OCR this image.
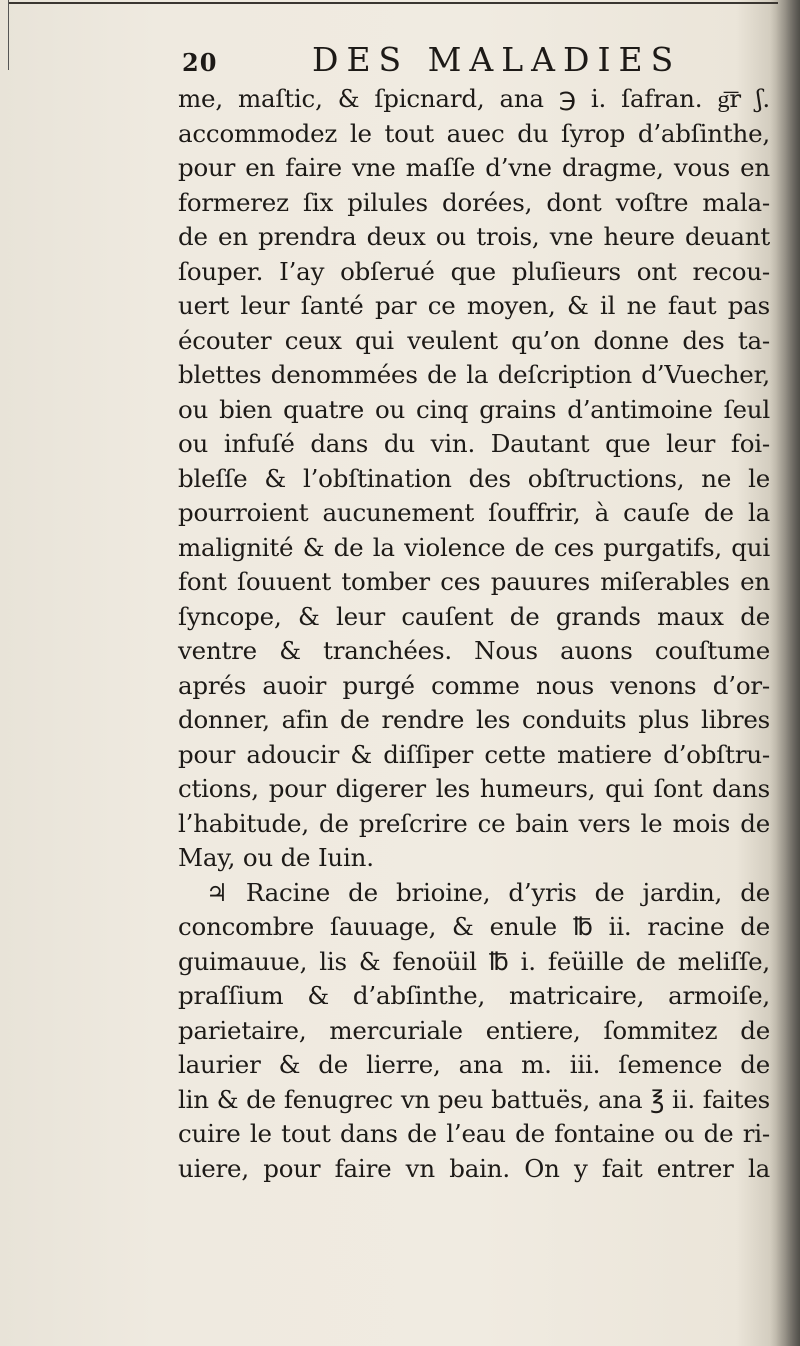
20	DES MALADIES
me, maſtic, & ſpicnard, ana ℈ i. ſafran. g͞r ʃ.
accommodez le tout auec du ſyrop d’abſinthe,
pour en faire vne maſſe d’vne dragme, vous en
formerez ſix pilules dorées, dont voſtre mala-
de en prendra deux ou trois, vne heure deuant
ſouper. I’ay obſerué que pluſieurs ont recou-
uert leur ſanté par ce moyen, & il ne faut pas
écouter ceux qui veulent qu’on donne des ta-
blettes denommées de la deſcription d’Vuecher,
ou bien quatre ou cinq grains d’antimoine ſeul
ou infuſé dans du vin. Dautant que leur foi-
bleſſe & l’obſtination des obſtructions, ne le
pourroient aucunement ſouffrir, à cauſe de la
malignité & de la violence de ces purgatifs, qui
font ſouuent tomber ces pauures miſerables en
ſyncope, & leur cauſent de grands maux de
ventre & tranchées. Nous auons couſtume
aprés auoir purgé comme nous venons d’or-
donner, afin de rendre les conduits plus libres
pour adoucir & diſſiper cette matiere d’obſtru-
ctions, pour digerer les humeurs, qui ſont dans
l’habitude, de preſcrire ce bain vers le mois de
May, ou de Iuin.
♃ Racine de brioine, d’yris de jardin, de
concombre ſauuage, & enule ℔ ii. racine de
guimauue, lis & fenoüil ℔ i. feüille de meliſſe,
praſſium & d’abſinthe, matricaire, armoiſe,
parietaire, mercuriale entiere, ſommitez de
laurier & de lierre, ana m. iii. ſemence de
lin & de fenugrec vn peu battuës, ana ℥ ii. faites
cuire le tout dans de l’eau de fontaine ou de ri-
uiere, pour faire vn bain. On y fait entrer la
